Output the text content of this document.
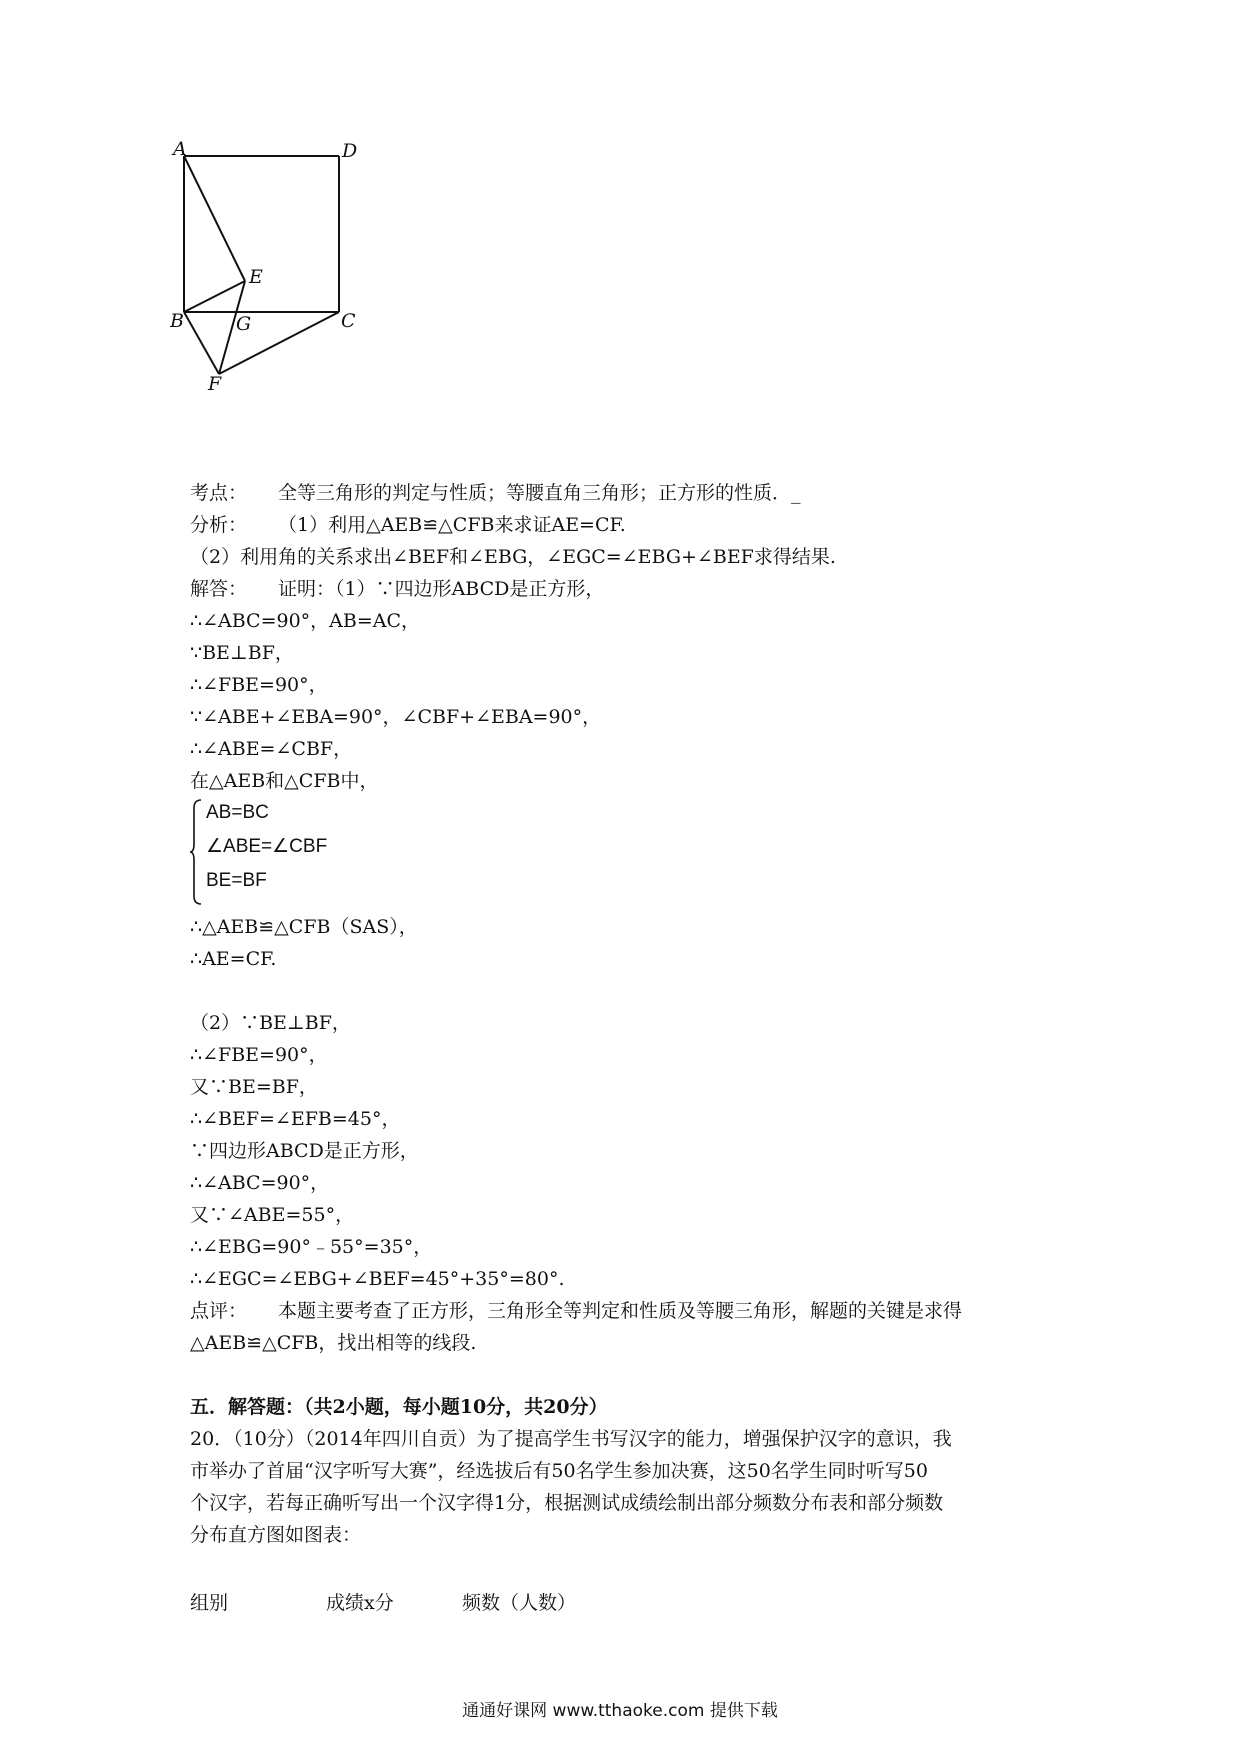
A	D
E
B	G	C
F
考点： 全等三角形的判定与性质；等腰直角三角形；正方形的性质．_
分析： （1）利用△AEB≌△CFB来求证AE=CF.
（2）利用角的关系求出∠BEF和∠EBG，∠EGC=∠EBG+∠BEF求得结果.
解答： 证明：（1）∵四边形ABCD是正方形，
∴∠ABC=90°，AB=AC，
∵BE⊥BF，
∴∠FBE=90°，
∵∠ABE+∠EBA=90°，∠CBF+∠EBA=90°，
∴∠ABE=∠CBF，
在△AEB和△CFB中，
AB=BC
∠ABE=∠CBF
BE=BF
∴△AEB≌△CFB（SAS），
∴AE=CF.
（2）∵BE⊥BF，
∴∠FBE=90°，
又∵BE=BF，
∴∠BEF=∠EFB=45°，
∵四边形ABCD是正方形，
∴∠ABC=90°，
又∵∠ABE=55°，
∴∠EBG=90°﹣55°=35°，
∴∠EGC=∠EBG+∠BEF=45°+35°=80°.
点评： 本题主要考查了正方形，三角形全等判定和性质及等腰三角形，解题的关键是求得
△AEB≌△CFB，找出相等的线段.
五．解答题：（共2小题，每小题10分，共20分）
20．（10分）（2014年四川自贡）为了提高学生书写汉字的能力，增强保护汉字的意识，我
市举办了首届“汉字听写大赛”，经选拔后有50名学生参加决赛，这50名学生同时听写50
个汉字，若每正确听写出一个汉字得1分，根据测试成绩绘制出部分频数分布表和部分频数
分布直方图如图表：
组别	成绩x分	频数（人数）
通通好课网 www.tthaoke.com 提供下载
